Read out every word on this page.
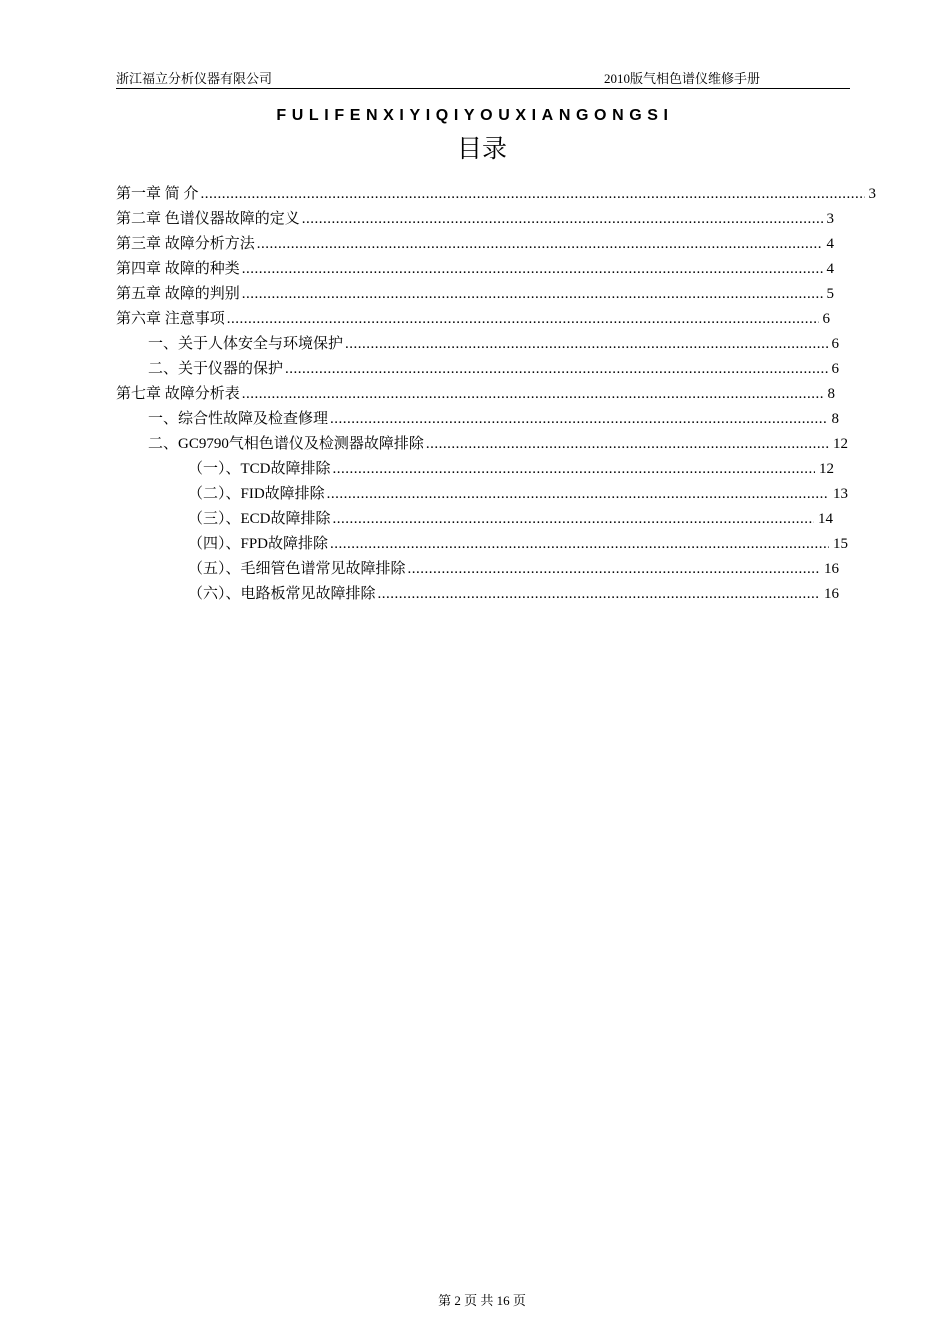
浙江福立分析仪器有限公司	2010版气相色谱仪维修手册
FULIFENXIYIQIYOUXIANGONGSI
目录
第一章 简 介 .....	3
第二章 色谱仪器故障的定义 .....	3
第三章 故障分析方法 .....	4
第四章 故障的种类 .....	4
第五章 故障的判别 .....	5
第六章 注意事项 .....	6
一、关于人体安全与环境保护 .....	6
二、关于仪器的保护 .....	6
第七章 故障分析表 .....	8
一、综合性故障及检查修理 .....	8
二、GC9790气相色谱仪及检测器故障排除 .....	12
（一）、TCD故障排除 .....	12
（二）、FID故障排除 .....	13
（三）、ECD故障排除 .....	14
（四）、FPD故障排除 .....	15
（五）、毛细管色谱常见故障排除 .....	16
（六）、电路板常见故障排除 .....	16
第 2 页 共 16 页
